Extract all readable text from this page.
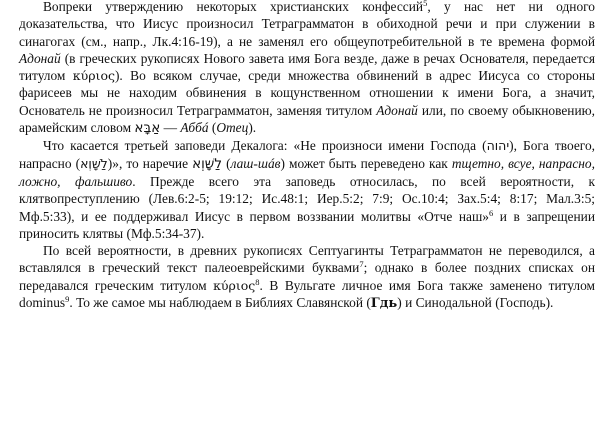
Вопреки утверждению некоторых христианских конфессий$^5$, у нас нет ни одного доказательства, что Иисус произносил Тетраграмматон в обиходной речи и при служении в синагогах (см., напр., Лк.4:16-19), а не заменял его общеупотребительной в те времена формой Адонай (в греческих рукописях Нового завета имя Бога везде, даже в речах Основателя, передается титулом κύριος). Во всяком случае, среди множества обвинений в адрес Иисуса со стороны фарисеев мы не находим обвинения в кощунственном отношении к имени Бога, а значит, Основатель не произносил Тетраграмматон, заменяя титулом Адонай или, по своему обыкновению, арамейским словом אַבָּא — Аббá (Отец).

Что касается третьей заповеди Декалога: «Не произноси имени Господа (יהוה), Бога твоего, напрасно (לַשָּׁוְא)», то наречие לַשָּׁוְא (лаш-шáв) может быть переведено как тщетно, всуе, напрасно, ложно, фальшиво. Прежде всего эта заповедь относилась, по всей вероятности, к клятвопреступлению (Лев.6:2-5; 19:12; Ис.48:1; Иер.5:2; 7:9; Ос.10:4; Зах.5:4; 8:17; Мал.3:5; Мф.5:33), и ее поддерживал Иисус в первом воззвании молитвы «Отче наш»$^6$ и в запрещении приносить клятвы (Мф.5:34-37).

По всей вероятности, в древних рукописях Септуагинты Тетраграмматон не переводился, а вставлялся в греческий текст палеоеврейскими буквами$^7$; однако в более поздних списках он передавался греческим титулом κύριος$^8$. В Вульгате личное имя Бога также заменено титулом dominus$^9$. То же самое мы наблюдаем в Библиях Славянской (Гдь) и Синодальной (Господь).
